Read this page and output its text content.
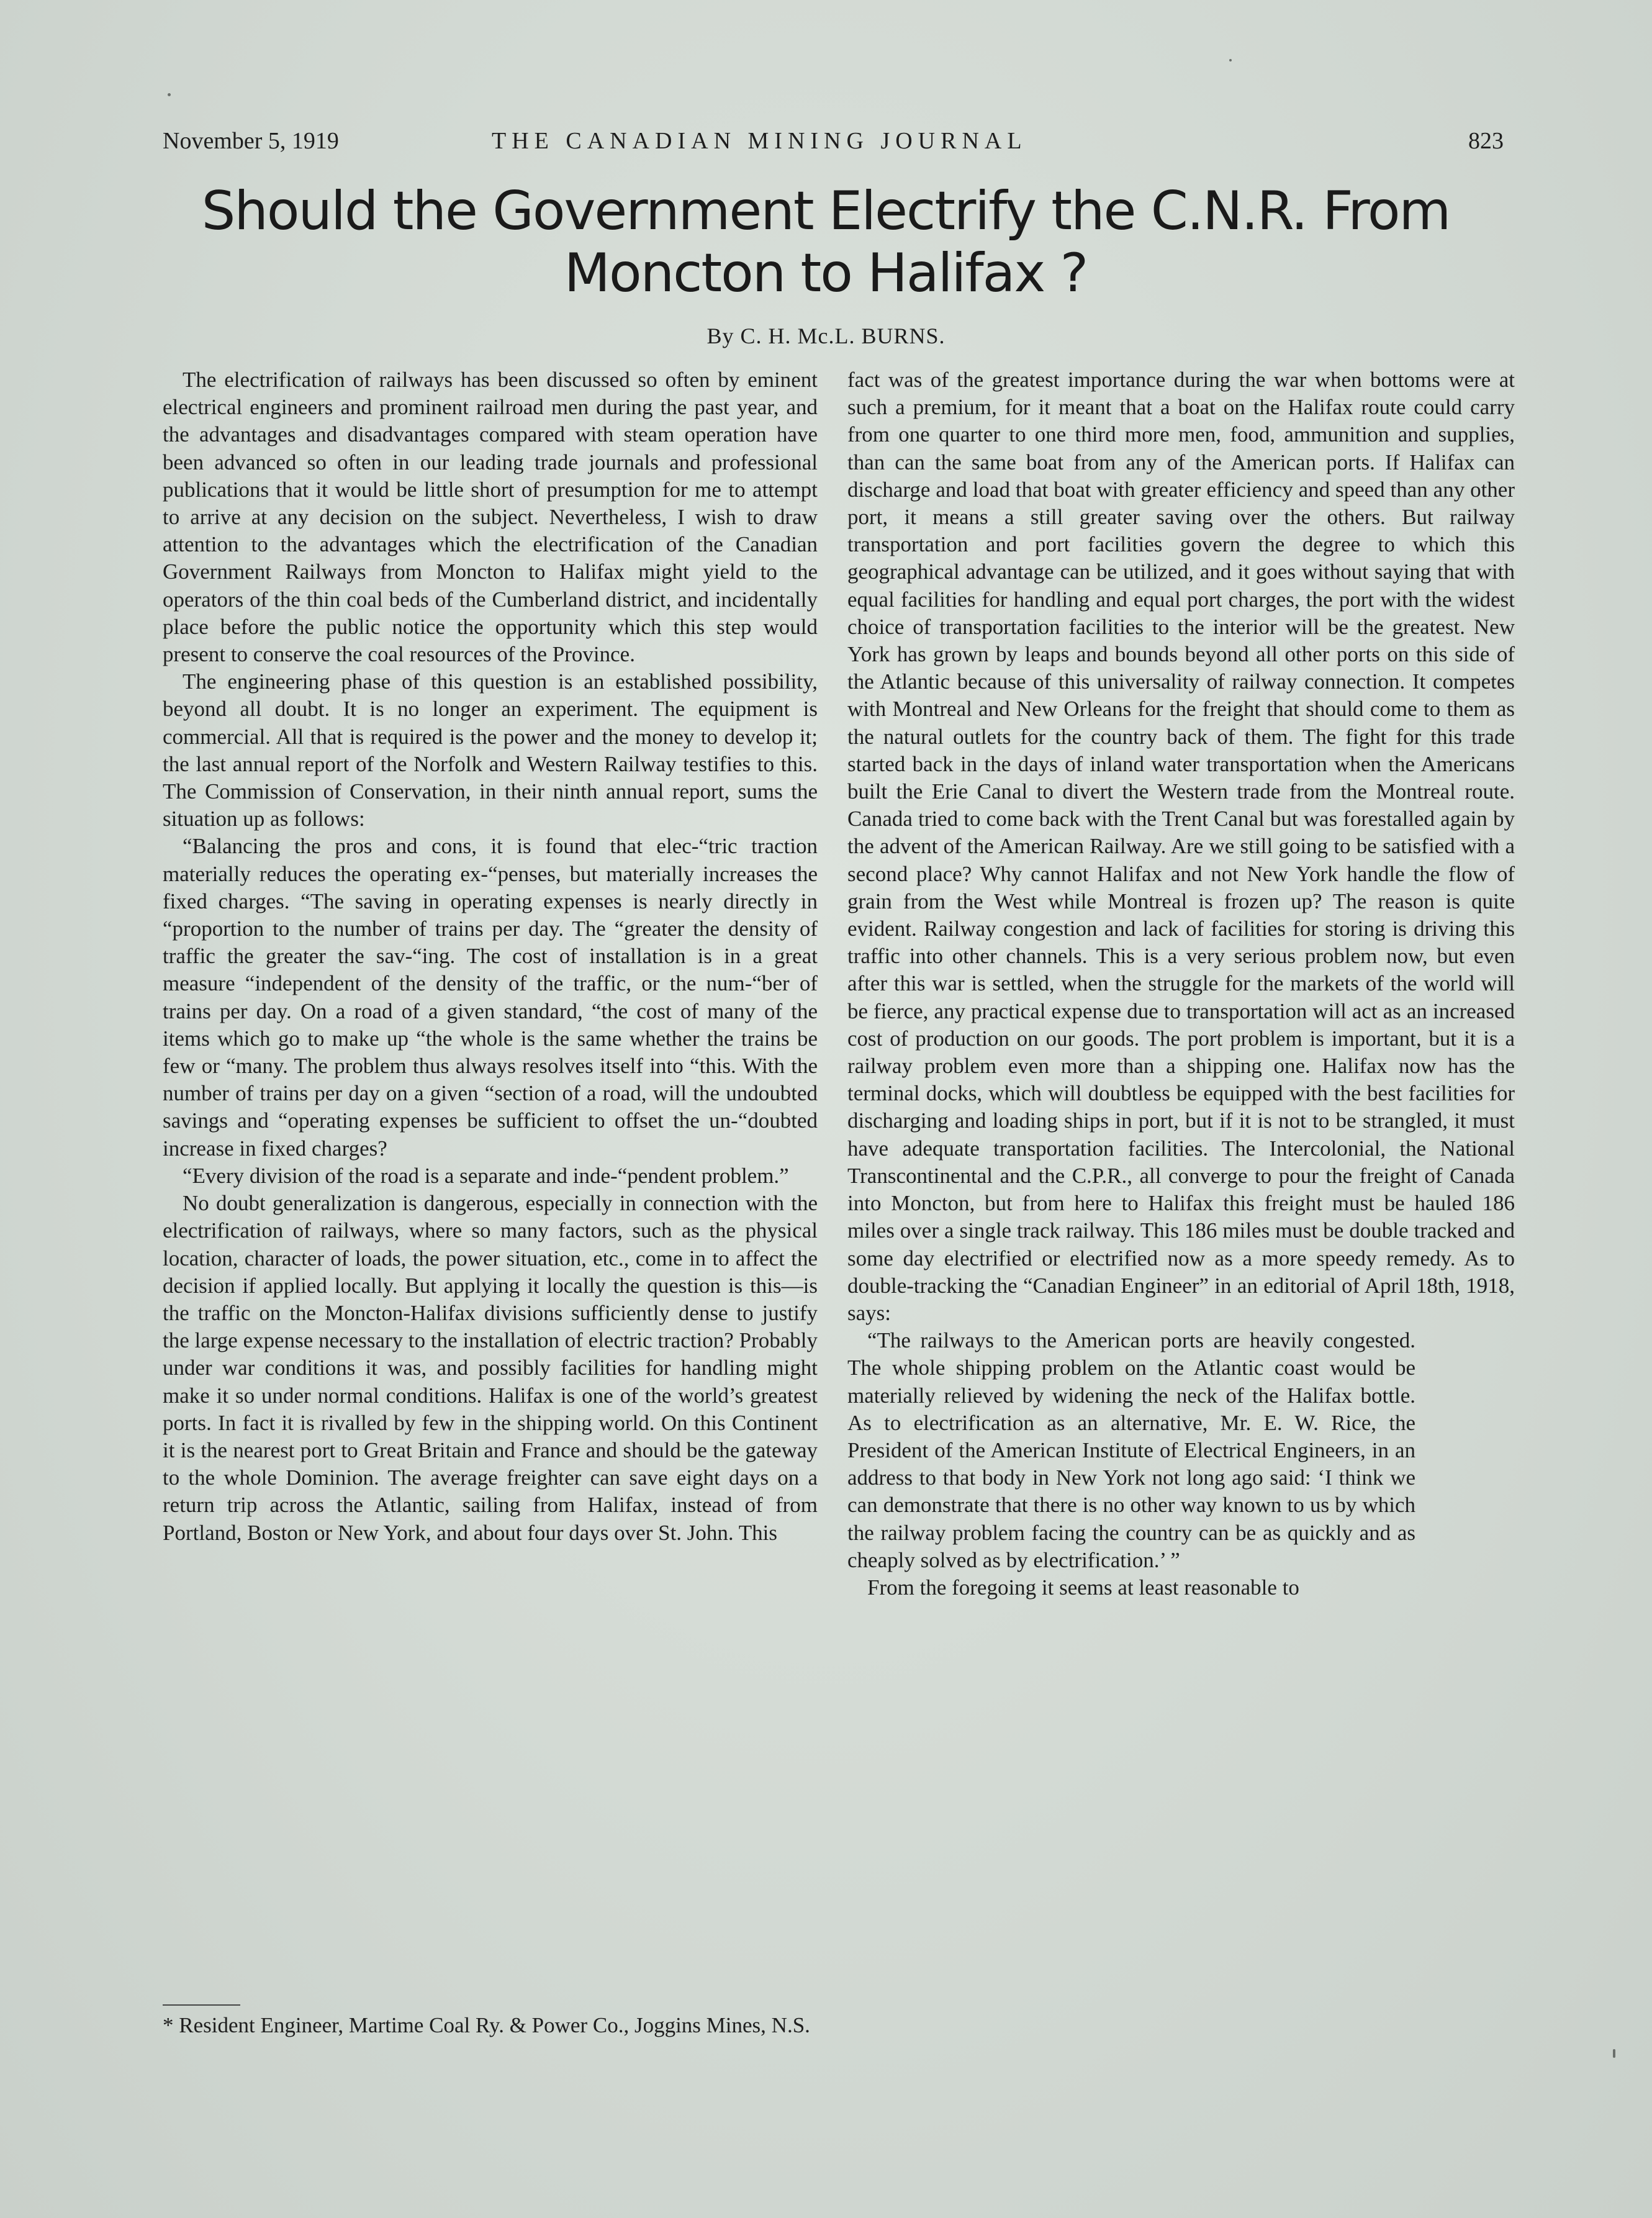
November 5, 1919	THE CANADIAN MINING JOURNAL	823
Should the Government Electrify the C.N.R. From Moncton to Halifax ?
By C. H. Mc.L. BURNS.

The electrification of railways has been discussed so often by eminent electrical engineers and prominent railroad men during the past year, and the advantages and disadvantages compared with steam operation have been advanced so often in our leading trade journals and professional publications that it would be little short of presumption for me to attempt to arrive at any decision on the subject. Nevertheless, I wish to draw attention to the advantages which the electrification of the Canadian Government Railways from Moncton to Halifax might yield to the operators of the thin coal beds of the Cumberland district, and incidentally place before the public notice the opportunity which this step would present to conserve the coal resources of the Province.

The engineering phase of this question is an established possibility, beyond all doubt. It is no longer an experiment. The equipment is commercial. All that is required is the power and the money to develop it; the last annual report of the Norfolk and Western Railway testifies to this. The Commission of Conservation, in their ninth annual report, sums the situation up as follows:

“Balancing the pros and cons, it is found that elec-“tric traction materially reduces the operating ex-“penses, but materially increases the fixed charges. “The saving in operating expenses is nearly directly in “proportion to the number of trains per day. The “greater the density of traffic the greater the sav-“ing. The cost of installation is in a great measure “independent of the density of the traffic, or the num-“ber of trains per day. On a road of a given standard, “the cost of many of the items which go to make up “the whole is the same whether the trains be few or “many. The problem thus always resolves itself into “this. With the number of trains per day on a given “section of a road, will the undoubted savings and “operating expenses be sufficient to offset the un-“doubted increase in fixed charges?

“Every division of the road is a separate and inde-“pendent problem.”

No doubt generalization is dangerous, especially in connection with the electrification of railways, where so many factors, such as the physical location, character of loads, the power situation, etc., come in to affect the decision if applied locally. But applying it locally the question is this—is the traffic on the Moncton-Halifax divisions sufficiently dense to justify the large expense necessary to the installation of electric traction? Probably under war conditions it was, and possibly facilities for handling might make it so under normal conditions. Halifax is one of the world’s greatest ports. In fact it is rivalled by few in the shipping world. On this Continent it is the nearest port to Great Britain and France and should be the gateway to the whole Dominion. The average freighter can save eight days on a return trip across the Atlantic, sailing from Halifax, instead of from Portland, Boston or New York, and about four days over St. John. This

fact was of the greatest importance during the war when bottoms were at such a premium, for it meant that a boat on the Halifax route could carry from one quarter to one third more men, food, ammunition and supplies, than can the same boat from any of the American ports. If Halifax can discharge and load that boat with greater efficiency and speed than any other port, it means a still greater saving over the others. But railway transportation and port facilities govern the degree to which this geographical advantage can be utilized, and it goes without saying that with equal facilities for handling and equal port charges, the port with the widest choice of transportation facilities to the interior will be the greatest. New York has grown by leaps and bounds beyond all other ports on this side of the Atlantic because of this universality of railway connection. It competes with Montreal and New Orleans for the freight that should come to them as the natural outlets for the country back of them. The fight for this trade started back in the days of inland water transportation when the Americans built the Erie Canal to divert the Western trade from the Montreal route. Canada tried to come back with the Trent Canal but was forestalled again by the advent of the American Railway. Are we still going to be satisfied with a second place? Why cannot Halifax and not New York handle the flow of grain from the West while Montreal is frozen up? The reason is quite evident. Railway congestion and lack of facilities for storing is driving this traffic into other channels. This is a very serious problem now, but even after this war is settled, when the struggle for the markets of the world will be fierce, any practical expense due to transportation will act as an increased cost of production on our goods. The port problem is important, but it is a railway problem even more than a shipping one. Halifax now has the terminal docks, which will doubtless be equipped with the best facilities for discharging and loading ships in port, but if it is not to be strangled, it must have adequate transportation facilities. The Intercolonial, the National Transcontinental and the C.P.R., all converge to pour the freight of Canada into Moncton, but from here to Halifax this freight must be hauled 186 miles over a single track railway. This 186 miles must be double tracked and some day electrified or electrified now as a more speedy remedy. As to double-tracking the “Canadian Engineer” in an editorial of April 18th, 1918, says:

“The railways to the American ports are heavily congested. The whole shipping problem on the Atlantic coast would be materially relieved by widening the neck of the Halifax bottle. As to electrification as an alternative, Mr. E. W. Rice, the President of the American Institute of Electrical Engineers, in an address to that body in New York not long ago said: ‘I think we can demonstrate that there is no other way known to us by which the railway problem facing the country can be as quickly and as cheaply solved as by electrification.’ ”

From the foregoing it seems at least reasonable to

* Resident Engineer, Martime Coal Ry. & Power Co., Joggins Mines, N.S.
